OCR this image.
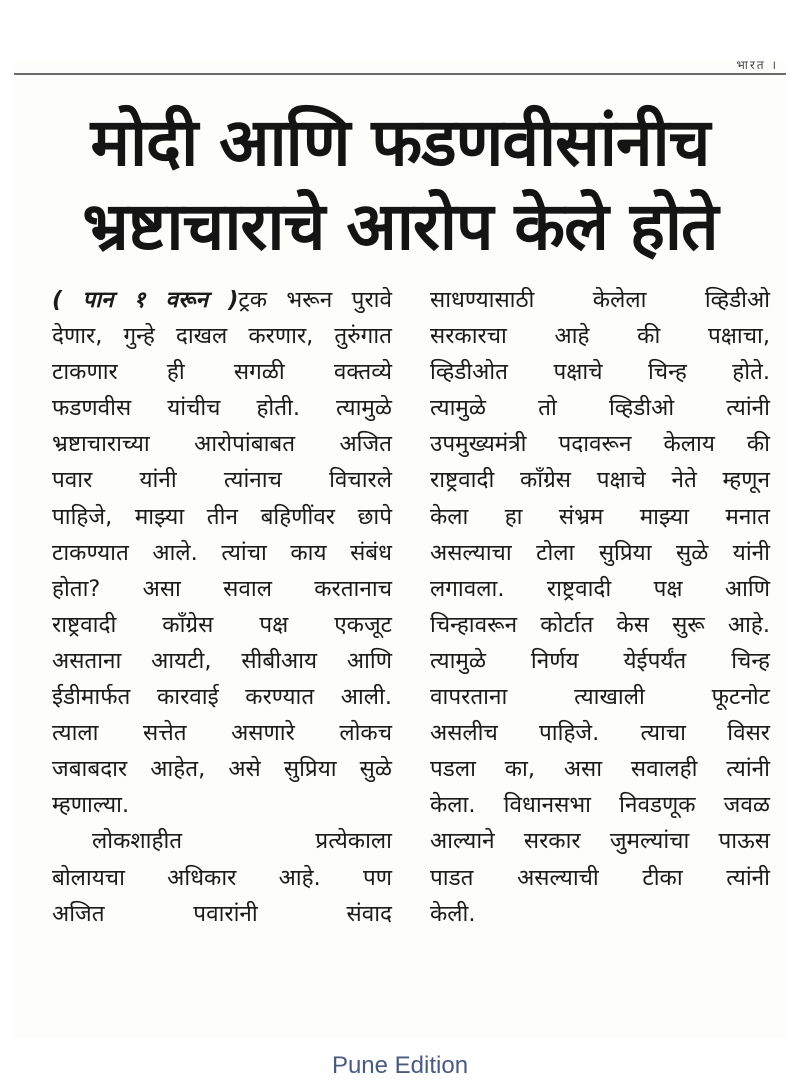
भारत ।
मोदी आणि फडणवीसांनीच
भ्रष्टाचाराचे आरोप केले होते
( पान १ वरून )ट्रक भरून पुरावे
देणार, गुन्हे दाखल करणार, तुरुंगात
टाकणार ही सगळी वक्तव्ये
फडणवीस यांचीच होती. त्यामुळे
भ्रष्टाचाराच्या आरोपांबाबत अजित
पवार यांनी त्यांनाच विचारले
पाहिजे, माझ्या तीन बहिणींवर छापे
टाकण्यात आले. त्यांचा काय संबंध
होता? असा सवाल करतानाच
राष्ट्रवादी काँग्रेस पक्ष एकजूट
असताना आयटी, सीबीआय आणि
ईडीमार्फत कारवाई करण्यात आली.
त्याला सत्तेत असणारे लोकच
जबाबदार आहेत, असे सुप्रिया सुळे
म्हणाल्या.
लोकशाहीत प्रत्येकाला
बोलायचा अधिकार आहे. पण
अजित पवारांनी संवाद
साधण्यासाठी केलेला व्हिडीओ
सरकारचा आहे की पक्षाचा,
व्हिडीओत पक्षाचे चिन्ह होते.
त्यामुळे तो व्हिडीओ त्यांनी
उपमुख्यमंत्री पदावरून केलाय की
राष्ट्रवादी काँग्रेस पक्षाचे नेते म्हणून
केला हा संभ्रम माझ्या मनात
असल्याचा टोला सुप्रिया सुळे यांनी
लगावला. राष्ट्रवादी पक्ष आणि
चिन्हावरून कोर्टात केस सुरू आहे.
त्यामुळे निर्णय येईपर्यंत चिन्ह
वापरताना त्याखाली फूटनोट
असलीच पाहिजे. त्याचा विसर
पडला का, असा सवालही त्यांनी
केला. विधानसभा निवडणूक जवळ
आल्याने सरकार जुमल्यांचा पाऊस
पाडत असल्याची टीका त्यांनी
केली.
Pune Edition
